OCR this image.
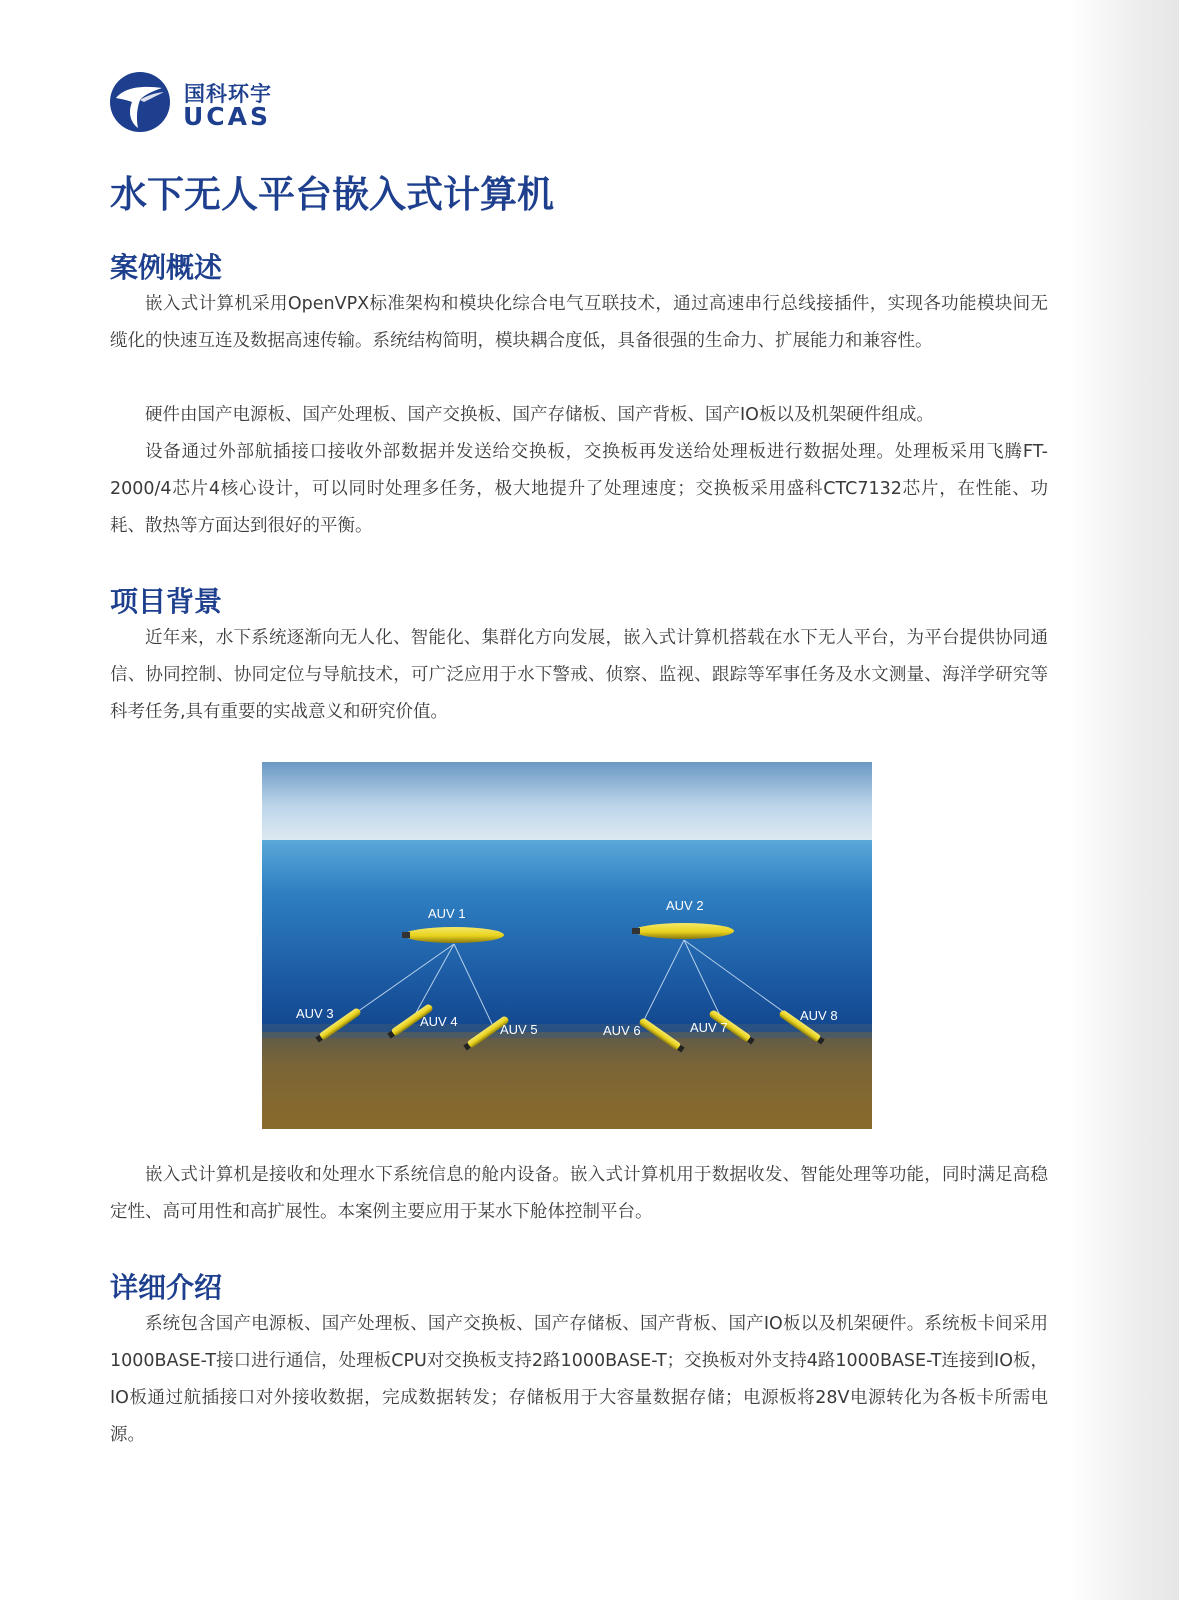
国科环宇
UCAS
水下无人平台嵌入式计算机
案例概述

嵌入式计算机采用OpenVPX标准架构和模块化综合电气互联技术，通过高速串行总线接插件，实现各功能模块间无缆化的快速互连及数据高速传输。系统结构简明，模块耦合度低，具备很强的生命力、扩展能力和兼容性。

硬件由国产电源板、国产处理板、国产交换板、国产存储板、国产背板、国产IO板以及机架硬件组成。

设备通过外部航插接口接收外部数据并发送给交换板，交换板再发送给处理板进行数据处理。处理板采用飞腾FT-2000/4芯片4核心设计，可以同时处理多任务，极大地提升了处理速度；交换板采用盛科CTC7132芯片，在性能、功耗、散热等方面达到很好的平衡。

项目背景

近年来，水下系统逐渐向无人化、智能化、集群化方向发展，嵌入式计算机搭载在水下无人平台，为平台提供协同通信、协同控制、协同定位与导航技术，可广泛应用于水下警戒、侦察、监视、跟踪等军事任务及水文测量、海洋学研究等科考任务,具有重要的实战意义和研究价值。

AUV 1
AUV 2
AUV 3
AUV 4
AUV 5	AUV 6	AUV 7
AUV 8

嵌入式计算机是接收和处理水下系统信息的舱内设备。嵌入式计算机用于数据收发、智能处理等功能，同时满足高稳定性、高可用性和高扩展性。本案例主要应用于某水下舱体控制平台。

详细介绍

系统包含国产电源板、国产处理板、国产交换板、国产存储板、国产背板、国产IO板以及机架硬件。系统板卡间采用1000BASE-T接口进行通信，处理板CPU对交换板支持2路1000BASE-T；交换板对外支持4路1000BASE-T连接到IO板，IO板通过航插接口对外接收数据，完成数据转发；存储板用于大容量数据存储；电源板将28V电源转化为各板卡所需电源。
